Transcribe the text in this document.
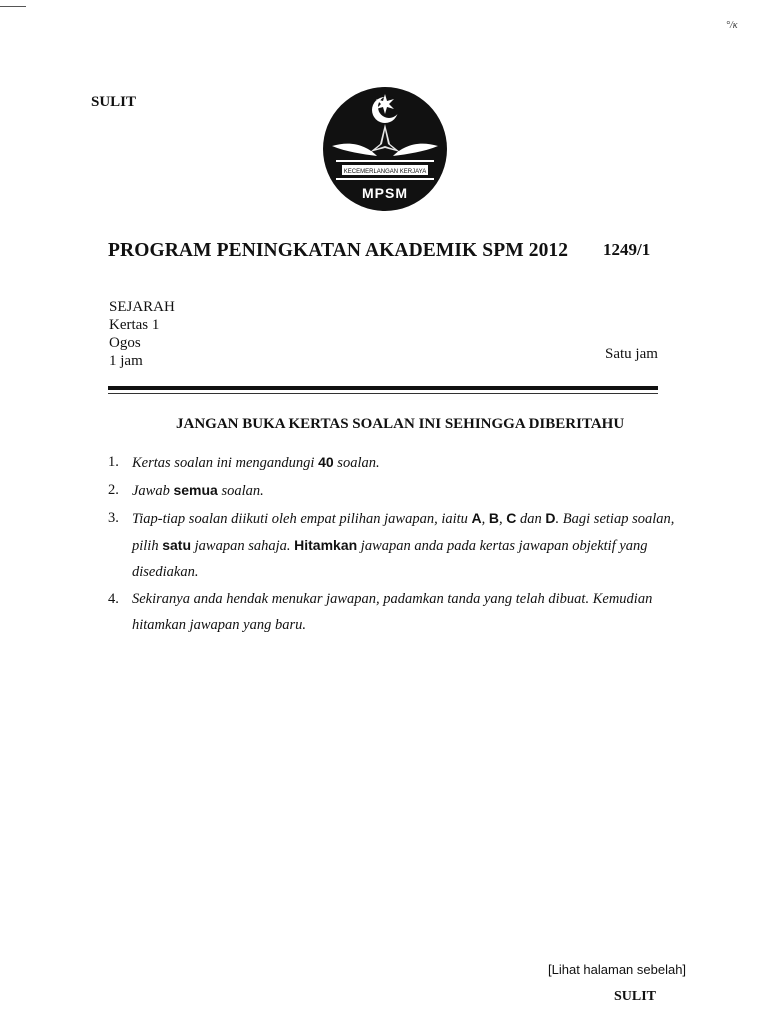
°/κ
SULIT
KECEMERLANGAN KERJAYA
MPSM
PROGRAM PENINGKATAN AKADEMIK SPM 2012 1249/1
SEJARAH
Kertas 1
Ogos
1 jam	Satu jam
JANGAN BUKA KERTAS SOALAN INI SEHINGGA DIBERITAHU
1. Kertas soalan ini mengandungi 40 soalan.
2. Jawab semua soalan.
3. Tiap-tiap soalan diikuti oleh empat pilihan jawapan, iaitu A, B, C dan D. Bagi setiap soalan, pilih satu jawapan sahaja. Hitamkan jawapan anda pada kertas jawapan objektif yang disediakan.
4. Sekiranya anda hendak menukar jawapan, padamkan tanda yang telah dibuat. Kemudian hitamkan jawapan yang baru.
[Lihat halaman sebelah]
SULIT
